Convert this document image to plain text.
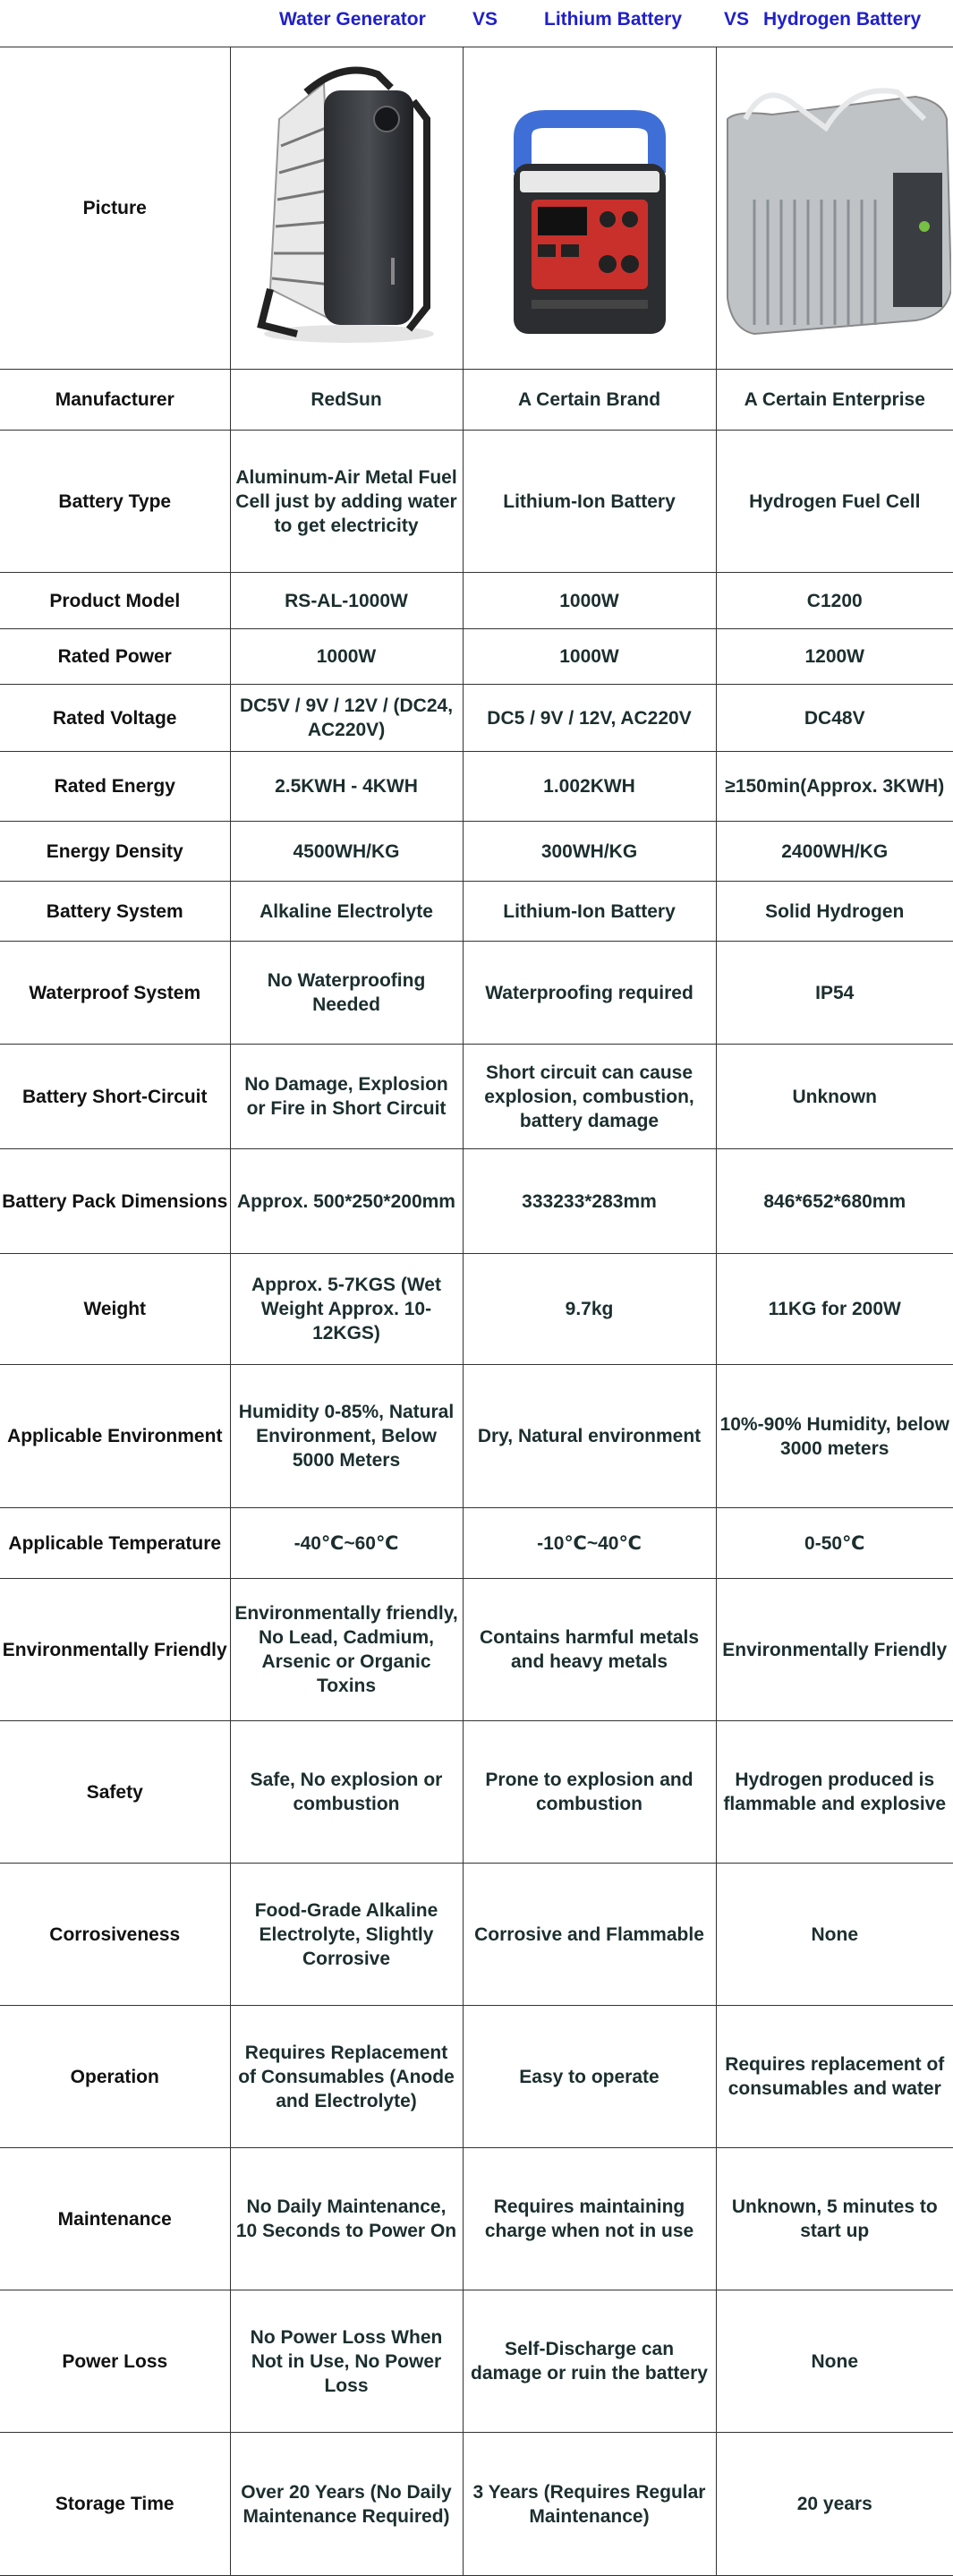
Water Generator VS Lithium Battery VS Hydrogen Battery
Picture	

Manufacturer	RedSun	A Certain Brand	A Certain Enterprise
Battery Type	Aluminum-Air Metal Fuel Cell just by adding water to get electricity	Lithium-Ion Battery	Hydrogen Fuel Cell
Product Model	RS-AL-1000W	1000W	C1200
Rated Power	1000W	1000W	1200W
Rated Voltage	DC5V / 9V / 12V / (DC24, AC220V)	DC5 / 9V / 12V, AC220V	DC48V
Rated Energy	2.5KWH - 4KWH	1.002KWH	≥150min(Approx. 3KWH)
Energy Density	4500WH/KG	300WH/KG	2400WH/KG
Battery System	Alkaline Electrolyte	Lithium-Ion Battery	Solid Hydrogen
Waterproof System	No Waterproofing Needed	Waterproofing required	IP54
Battery Short-Circuit	No Damage, Explosion or Fire in Short Circuit	Short circuit can cause explosion, combustion, battery damage	Unknown
Battery Pack Dimensions	Approx. 500*250*200mm	333233*283mm	846*652*680mm
Weight	Approx. 5-7KGS (Wet Weight Approx. 10-12KGS)	9.7kg	11KG for 200W
Applicable Environment	Humidity 0-85%, Natural Environment, Below 5000 Meters	Dry, Natural environment	10%-90% Humidity, below 3000 meters
Applicable Temperature	-40℃~60℃	-10℃~40℃	0-50℃
Environmentally Friendly	Environmentally friendly, No Lead, Cadmium, Arsenic or Organic Toxins	Contains harmful metals and heavy metals	Environmentally Friendly
Safety	Safe, No explosion or combustion	Prone to explosion and combustion	Hydrogen produced is flammable and explosive
Corrosiveness	Food-Grade Alkaline Electrolyte, Slightly Corrosive	Corrosive and Flammable	None
Operation	Requires Replacement of Consumables (Anode and Electrolyte)	Easy to operate	Requires replacement of consumables and water
Maintenance	No Daily Maintenance, 10 Seconds to Power On	Requires maintaining charge when not in use	Unknown, 5 minutes to start up
Power Loss	No Power Loss When Not in Use, No Power Loss	Self-Discharge can damage or ruin the battery	None
Storage Time	Over 20 Years (No Daily Maintenance Required)	3 Years (Requires Regular Maintenance)	20 years
